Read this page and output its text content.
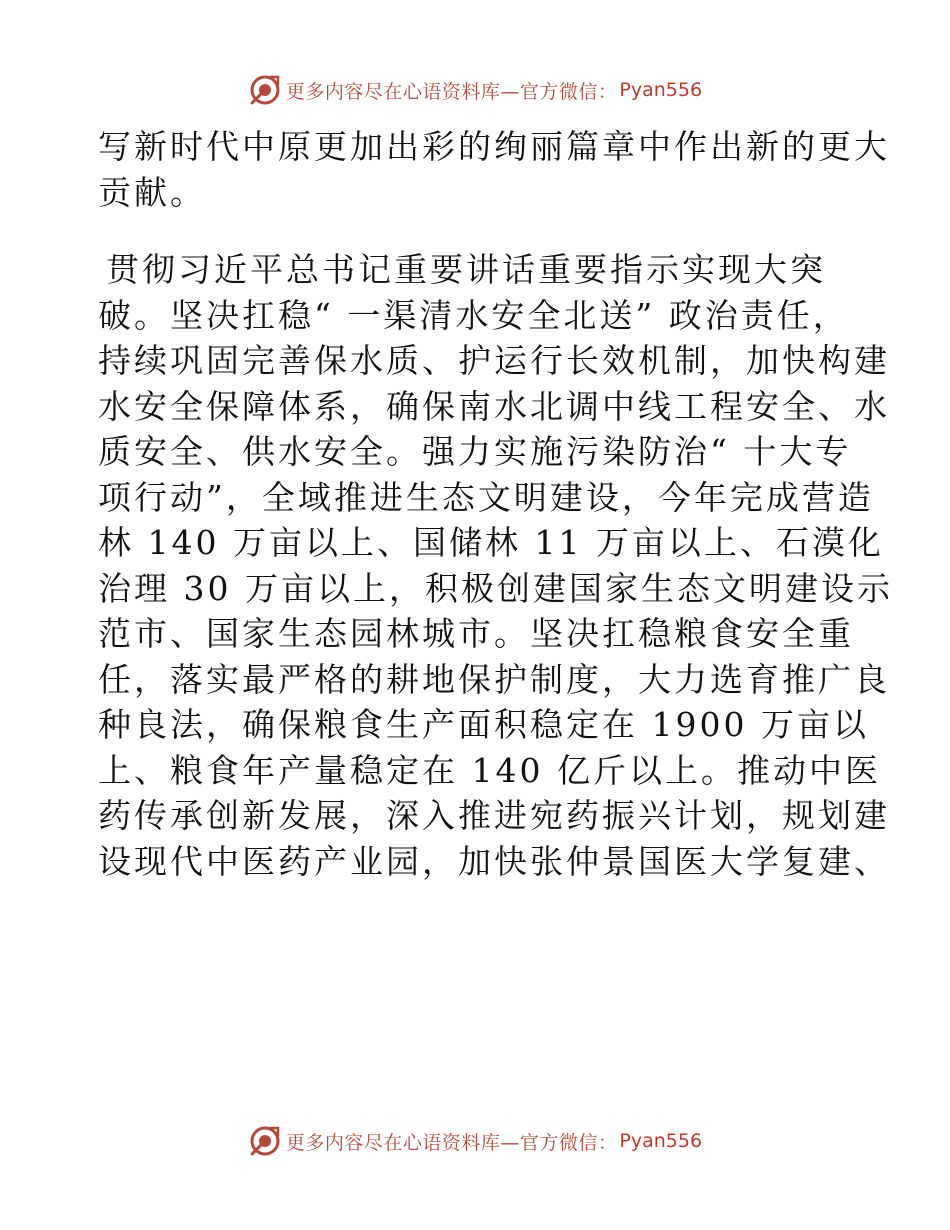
更多内容尽在心语资料库—官方微信： Pyan556
写新时代中原更加出彩的绚丽篇章中作出新的更大
贡献。
贯彻习近平总书记重要讲话重要指示实现大突
破。坚决扛稳“ 一渠清水安全北送” 政治责任，
持续巩固完善保水质、护运行长效机制，加快构建
水安全保障体系，确保南水北调中线工程安全、水
质安全、供水安全。强力实施污染防治“ 十大专
项行动”，全域推进生态文明建设，今年完成营造
林 140 万亩以上、国储林 11 万亩以上、石漠化
治理 30 万亩以上，积极创建国家生态文明建设示
范市、国家生态园林城市。坚决扛稳粮食安全重
任，落实最严格的耕地保护制度，大力选育推广良
种良法，确保粮食生产面积稳定在 1900 万亩以
上、粮食年产量稳定在 140 亿斤以上。推动中医
药传承创新发展，深入推进宛药振兴计划，规划建
设现代中医药产业园，加快张仲景国医大学复建、
更多内容尽在心语资料库—官方微信： Pyan556
